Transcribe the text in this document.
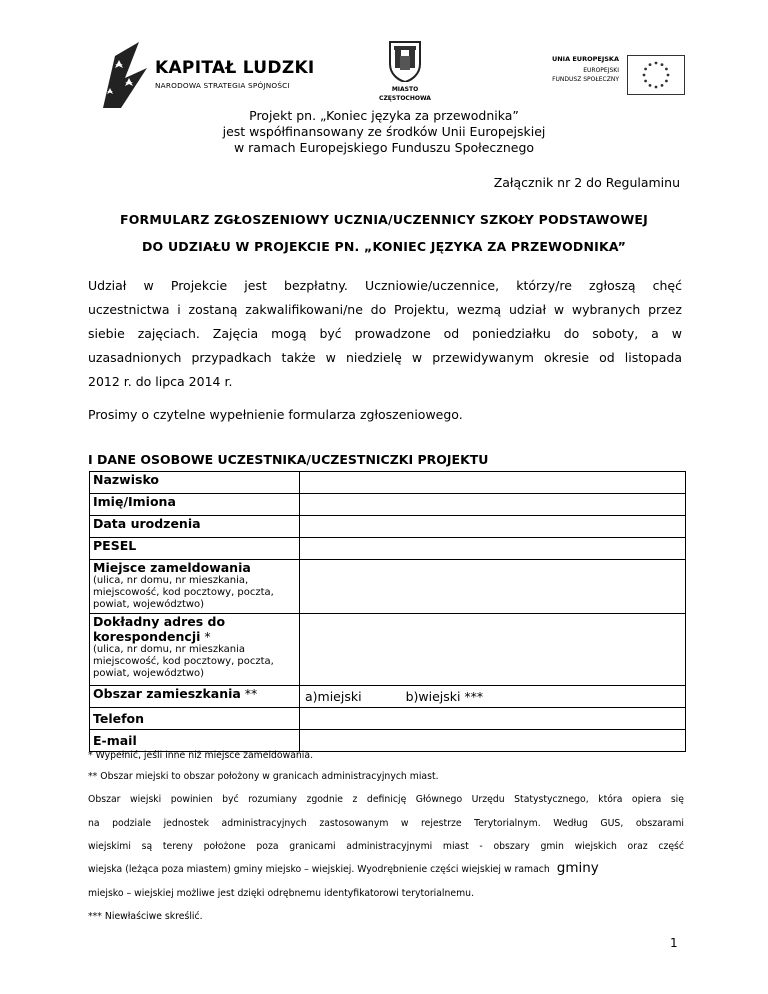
KAPITAŁ LUDZKI
NARODOWA STRATEGIA SPÓJNOŚCI	MIASTO
CZĘSTOCHOWA
UNIA EUROPEJSKA
EUROPEJSKI
FUNDUSZ SPOŁECZNY
Projekt pn. „Koniec języka za przewodnika”
jest współfinansowany ze środków Unii Europejskiej
w ramach Europejskiego Funduszu Społecznego
Załącznik nr 2 do Regulaminu
FORMULARZ ZGŁOSZENIOWY UCZNIA/UCZENNICY SZKOŁY PODSTAWOWEJ
DO UDZIAŁU W PROJEKCIE PN. „KONIEC JĘZYKA ZA PRZEWODNIKA”
Udział w Projekcie jest bezpłatny. Uczniowie/uczennice, którzy/re zgłoszą chęć
uczestnictwa i zostaną zakwalifikowani/ne do Projektu, wezmą udział w wybranych przez
siebie zajęciach. Zajęcia mogą być prowadzone od poniedziałku do soboty, a w
uzasadnionych przypadkach także w niedzielę w przewidywanym okresie od listopada
2012 r. do lipca 2014 r.
Prosimy o czytelne wypełnienie formularza zgłoszeniowego.
I DANE OSOBOWE UCZESTNIKA/UCZESTNICZKI PROJEKTU
Nazwisko	
Imię/Imiona	
Data urodzenia	
PESEL	

Miejsce zameldowania
(ulica, nr domu, nr mieszkania, miejscowość, kod pocztowy, poczta, powiat, województwo)	

Dokładny adres do korespondencji *
(ulica, nr domu, nr mieszkania miejscowość, kod pocztowy, poczta, powiat, województwo)	

Obszar zamieszkania **	a)miejski b)wiejski ***
Telefon	
E-mail	
* Wypełnić, jeśli inne niż miejsce zameldowania.
** Obszar miejski to obszar położony w granicach administracyjnych miast.
Obszar wiejski powinien być rozumiany zgodnie z definicję Głównego Urzędu Statystycznego, która opiera się
na podziale jednostek administracyjnych zastosowanym w rejestrze Terytorialnym. Według GUS, obszarami
wiejskimi są tereny położone poza granicami administracyjnymi miast - obszary gmin wiejskich oraz część
wiejska (leżąca poza miastem) gminy miejsko – wiejskiej. Wyodrębnienie części wiejskiej w ramach gminy
miejsko – wiejskiej możliwe jest dzięki odrębnemu identyfikatorowi terytorialnemu.
*** Niewłaściwe skreślić.
1
